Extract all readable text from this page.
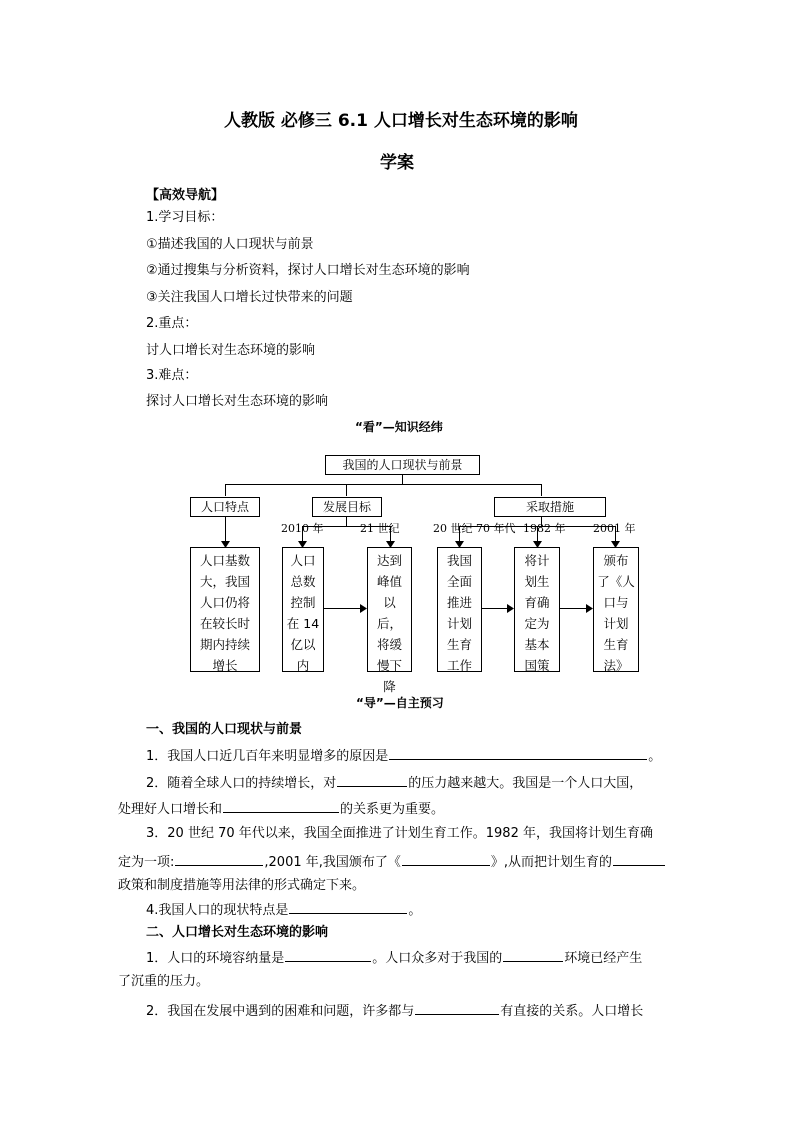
人教版 必修三 6.1 人口增长对生态环境的影响
学案
【高效导航】
1.学习目标：
①描述我国的人口现状与前景
②通过搜集与分析资料，探讨人口增长对生态环境的影响
③关注我国人口增长过快带来的问题
2.重点：
讨人口增长对生态环境的影响
3.难点：
探讨人口增长对生态环境的影响
“看”—知识经纬
我国的人口现状与前景
人口特点	发展目标	采取措施
2010 年	21 世纪	20 世纪 70 年代 1982 年	2001 年
人口基数
大，我国
人口仍将
在较长时
期内持续
增长
人口
总数
控制
在 14
亿以
内
达到
峰值
以后，
将缓
慢下
降
我国
全面
推进
计划
生育
工作
将计
划生
育确
定为
基本
国策
颁布
了《人
口与
计划
生育
法》
“导”—自主预习
一、我国的人口现状与前景
1．我国人口近几百年来明显增多的原因是	。
2．随着全球人口的持续增长，对	的压力越来越大。我国是一个人口大国，
处理好人口增长和	的关系更为重要。
3．20 世纪 70 年代以来，我国全面推进了计划生育工作。1982 年，我国将计划生育确
定为一项:	,2001 年,我国颁布了《	》,从而把计划生育的
政策和制度措施等用法律的形式确定下来。
4.我国人口的现状特点是	。
二、人口增长对生态环境的影响
1．人口的环境容纳量是	。人口众多对于我国的	环境已经产生
了沉重的压力。
2．我国在发展中遇到的困难和问题，许多都与	有直接的关系。人口增长
